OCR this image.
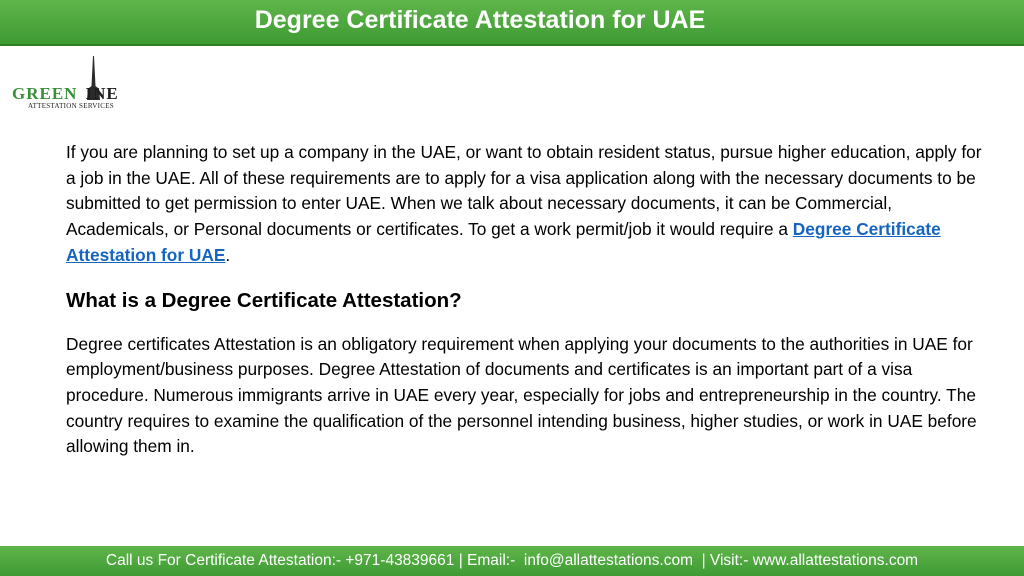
Degree Certificate Attestation for UAE
GREEN INE
ATTESTATION SERVICES

If you are planning to set up a company in the UAE, or want to obtain resident status, pursue higher education, apply for a job in the UAE. All of these requirements are to apply for a visa application along with the necessary documents to be submitted to get permission to enter UAE. When we talk about necessary documents, it can be Commercial, Academicals, or Personal documents or certificates. To get a work permit/job it would require a Degree Certificate Attestation for UAE.

What is a Degree Certificate Attestation?

Degree certificates Attestation is an obligatory requirement when applying your documents to the authorities in UAE for employment/business purposes. Degree Attestation of documents and certificates is an important part of a visa procedure. Numerous immigrants arrive in UAE every year, especially for jobs and entrepreneurship in the country. The country requires to examine the qualification of the personnel intending business, higher studies, or work in UAE before allowing them in.

Call us For Certificate Attestation:- +971-43839661 | Email:-  info@allattestations.com  | Visit:- www.allattestations.com
